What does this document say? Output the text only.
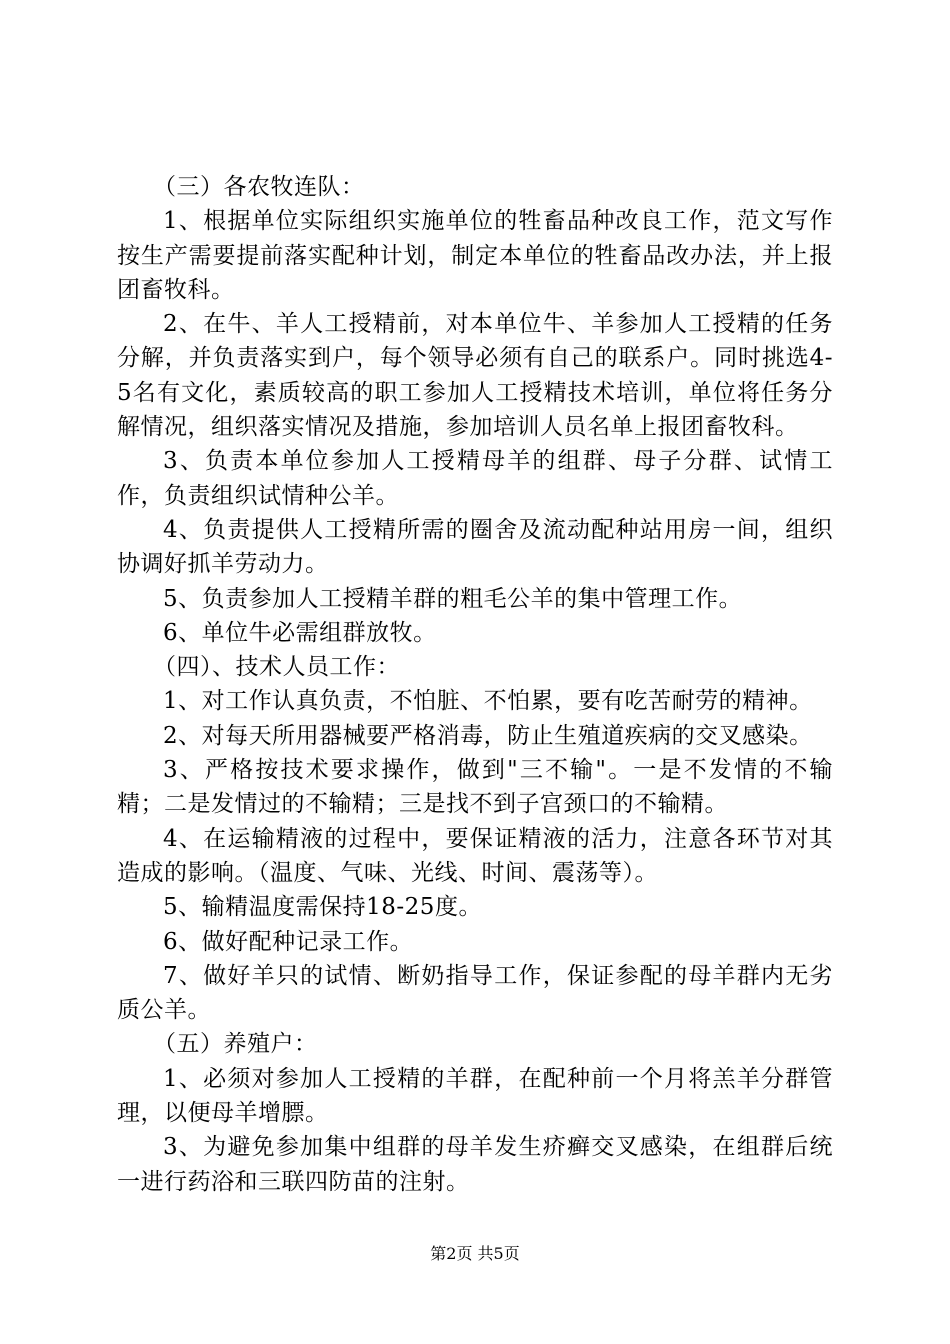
（三）各农牧连队：

1、根据单位实际组织实施单位的牲畜品种改良工作，范文写作按生产需要提前落实配种计划，制定本单位的牲畜品改办法，并上报团畜牧科。

2、在牛、羊人工授精前，对本单位牛、羊参加人工授精的任务分解，并负责落实到户，每个领导必须有自己的联系户。同时挑选4-5名有文化，素质较高的职工参加人工授精技术培训，单位将任务分解情况，组织落实情况及措施，参加培训人员名单上报团畜牧科。

3、负责本单位参加人工授精母羊的组群、母子分群、试情工作，负责组织试情种公羊。

4、负责提供人工授精所需的圈舍及流动配种站用房一间，组织协调好抓羊劳动力。

5、负责参加人工授精羊群的粗毛公羊的集中管理工作。

6、单位牛必需组群放牧。

（四）、技术人员工作：

1、对工作认真负责，不怕脏、不怕累，要有吃苦耐劳的精神。

2、对每天所用器械要严格消毒，防止生殖道疾病的交叉感染。

3、严格按技术要求操作，做到"三不输"。一是不发情的不输精；二是发情过的不输精；三是找不到子宫颈口的不输精。

4、在运输精液的过程中，要保证精液的活力，注意各环节对其造成的影响。（温度、气味、光线、时间、震荡等）。

5、输精温度需保持18-25度。

6、做好配种记录工作。

7、做好羊只的试情、断奶指导工作，保证参配的母羊群内无劣质公羊。

（五）养殖户：

1、必须对参加人工授精的羊群，在配种前一个月将羔羊分群管理，以便母羊增膘。

3、为避免参加集中组群的母羊发生疥癣交叉感染，在组群后统一进行药浴和三联四防苗的注射。

第2页 共5页
